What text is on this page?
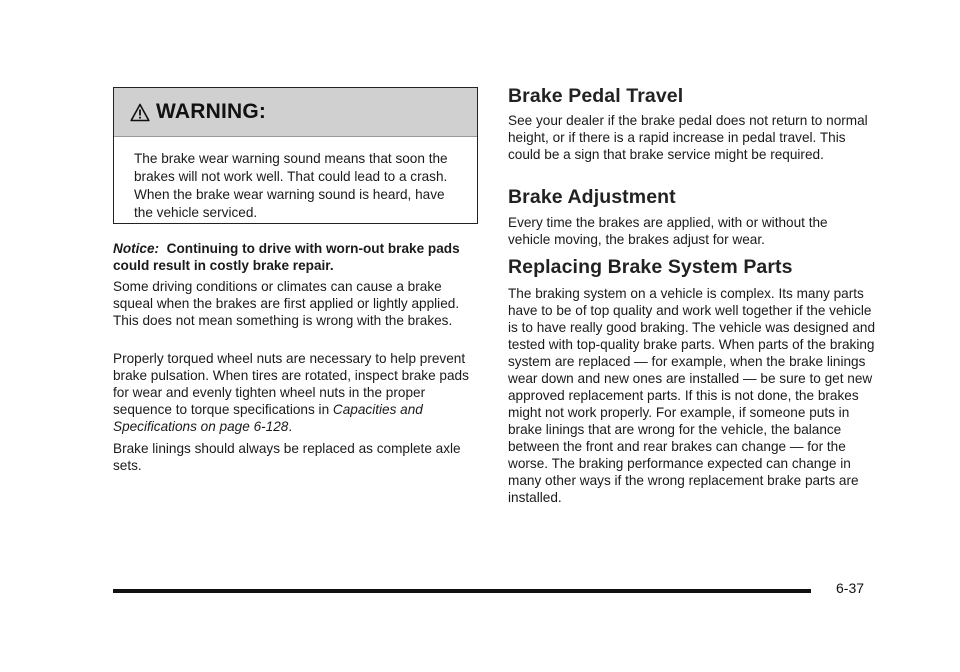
WARNING:
The brake wear warning sound means that soon the brakes will not work well. That could lead to a crash. When the brake wear warning sound is heard, have the vehicle serviced.

Notice: Continuing to drive with worn-out brake pads could result in costly brake repair.

Some driving conditions or climates can cause a brake squeal when the brakes are first applied or lightly applied. This does not mean something is wrong with the brakes.

Properly torqued wheel nuts are necessary to help prevent brake pulsation. When tires are rotated, inspect brake pads for wear and evenly tighten wheel nuts in the proper sequence to torque specifications in Capacities and Specifications on page 6-128.

Brake linings should always be replaced as complete axle sets.

Brake Pedal Travel

See your dealer if the brake pedal does not return to normal height, or if there is a rapid increase in pedal travel. This could be a sign that brake service might be required.

Brake Adjustment

Every time the brakes are applied, with or without the vehicle moving, the brakes adjust for wear.

Replacing Brake System Parts

The braking system on a vehicle is complex. Its many parts have to be of top quality and work well together if the vehicle is to have really good braking. The vehicle was designed and tested with top-quality brake parts. When parts of the braking system are replaced — for example, when the brake linings wear down and new ones are installed — be sure to get new approved replacement parts. If this is not done, the brakes might not work properly. For example, if someone puts in brake linings that are wrong for the vehicle, the balance between the front and rear brakes can change — for the worse. The braking performance expected can change in many other ways if the wrong replacement brake parts are installed.

6-37
